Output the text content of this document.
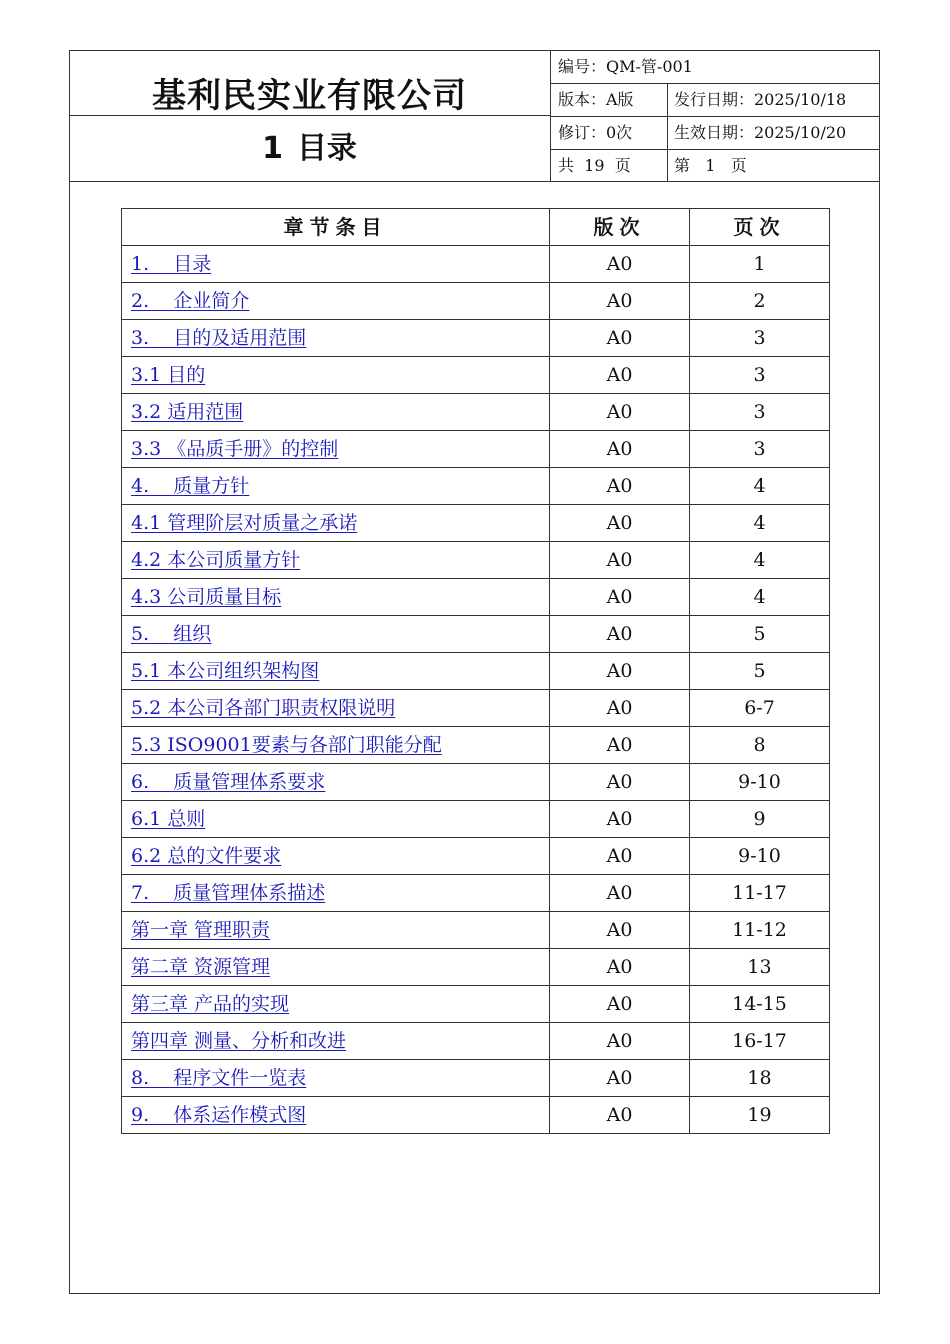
基利民实业有限公司
1 目录
编号：QM-管-001
版本：A版	发行日期：2025/10/18
修订：0次	生效日期：2025/10/20
共  19  页	第   1   页
章节条目	版次	页次
1.    目录	A0	1
2.    企业简介	A0	2
3.    目的及适用范围	A0	3
3.1 目的	A0	3
3.2 适用范围	A0	3
3.3 《品质手册》的控制	A0	3
4.    质量方针	A0	4
4.1 管理阶层对质量之承诺	A0	4
4.2 本公司质量方针	A0	4
4.3 公司质量目标	A0	4
5.    组织	A0	5
5.1 本公司组织架构图	A0	5
5.2 本公司各部门职责权限说明	A0	6-7
5.3 ISO9001要素与各部门职能分配	A0	8
6.    质量管理体系要求	A0	9-10
6.1 总则	A0	9
6.2 总的文件要求	A0	9-10
7.    质量管理体系描述	A0	11-17
第一章 管理职责	A0	11-12
第二章 资源管理	A0	13
第三章 产品的实现	A0	14-15
第四章 测量、分析和改进	A0	16-17
8.    程序文件一览表	A0	18
9.    体系运作模式图	A0	19
